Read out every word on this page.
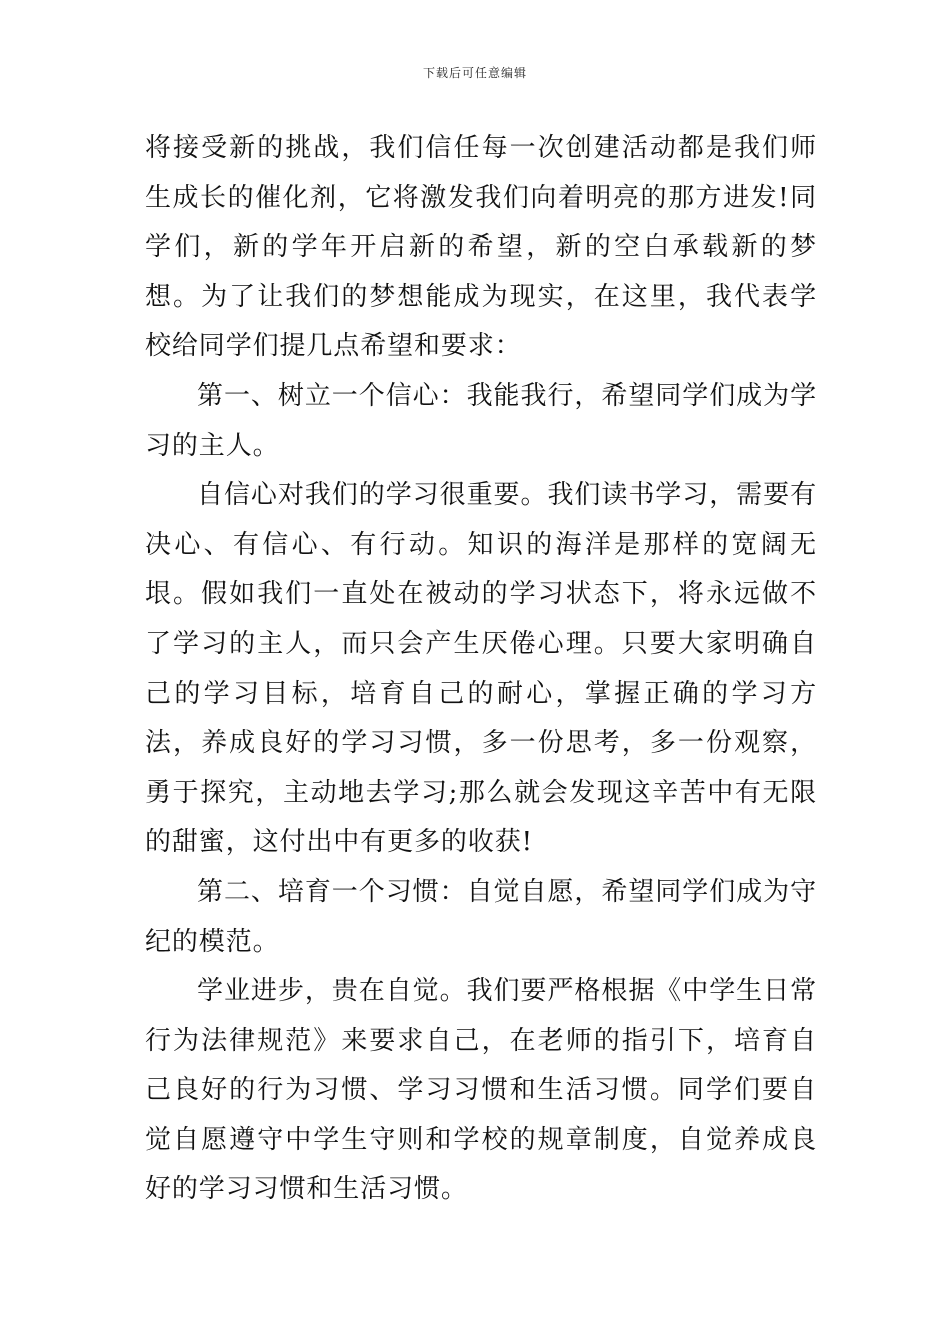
下载后可任意编辑

将接受新的挑战，我们信任每一次创建活动都是我们师生成长的催化剂，它将激发我们向着明亮的那方进发!同学们，新的学年开启新的希望，新的空白承载新的梦想。为了让我们的梦想能成为现实，在这里，我代表学校给同学们提几点希望和要求：

第一、树立一个信心：我能我行，希望同学们成为学习的主人。

自信心对我们的学习很重要。我们读书学习，需要有决心、有信心、有行动。知识的海洋是那样的宽阔无垠。假如我们一直处在被动的学习状态下，将永远做不了学习的主人，而只会产生厌倦心理。只要大家明确自己的学习目标，培育自己的耐心，掌握正确的学习方法，养成良好的学习习惯，多一份思考，多一份观察，勇于探究，主动地去学习;那么就会发现这辛苦中有无限的甜蜜，这付出中有更多的收获!

第二、培育一个习惯：自觉自愿，希望同学们成为守纪的模范。

学业进步，贵在自觉。我们要严格根据《中学生日常行为法律规范》来要求自己，在老师的指引下，培育自己良好的行为习惯、学习习惯和生活习惯。同学们要自觉自愿遵守中学生守则和学校的规章制度，自觉养成良好的学习习惯和生活习惯。
